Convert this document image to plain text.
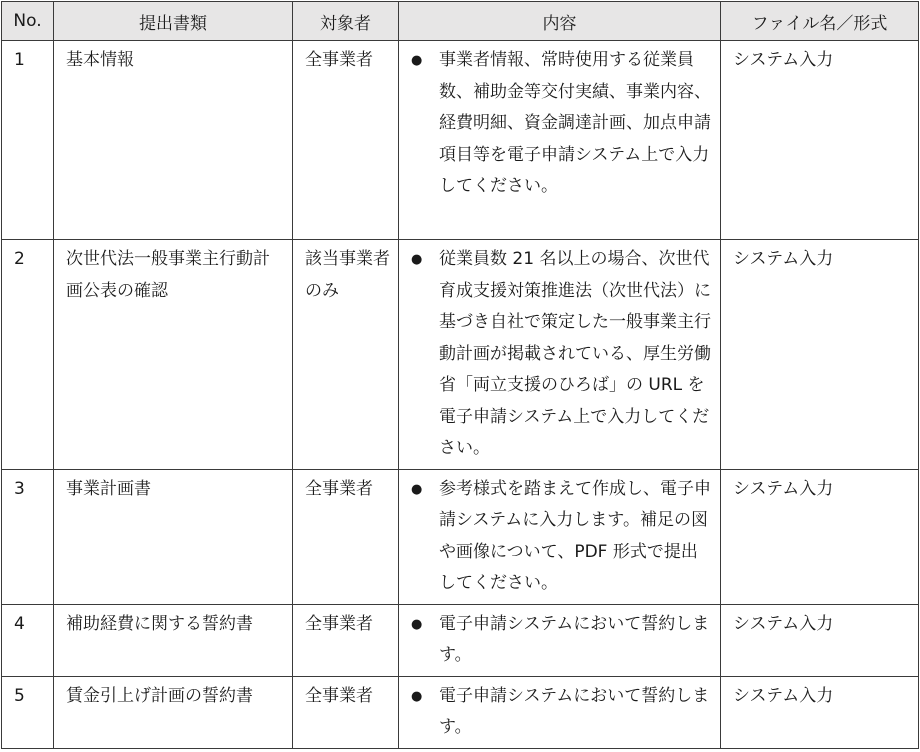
No.	提出書類	対象者	内容	ファイル名／形式
1	基本情報	全事業者	● 事業者情報、常時使用する従業員数、補助金等交付実績、事業内容、経費明細、資金調達計画、加点申請項目等を電子申請システム上で入力してください。	システム入力
2	次世代法一般事業主行動計画公表の確認	該当事業者のみ	● 従業員数 21 名以上の場合、次世代育成支援対策推進法（次世代法）に基づき自社で策定した一般事業主行動計画が掲載されている、厚生労働省「両立支援のひろば」の URL を電子申請システム上で入力してください。	システム入力
3	事業計画書	全事業者	● 参考様式を踏まえて作成し、電子申請システムに入力します。補足の図や画像について、PDF 形式で提出してください。	システム入力
4	補助経費に関する誓約書	全事業者	● 電子申請システムにおいて誓約します。	システム入力
5	賃金引上げ計画の誓約書	全事業者	● 電子申請システムにおいて誓約します。	システム入力
